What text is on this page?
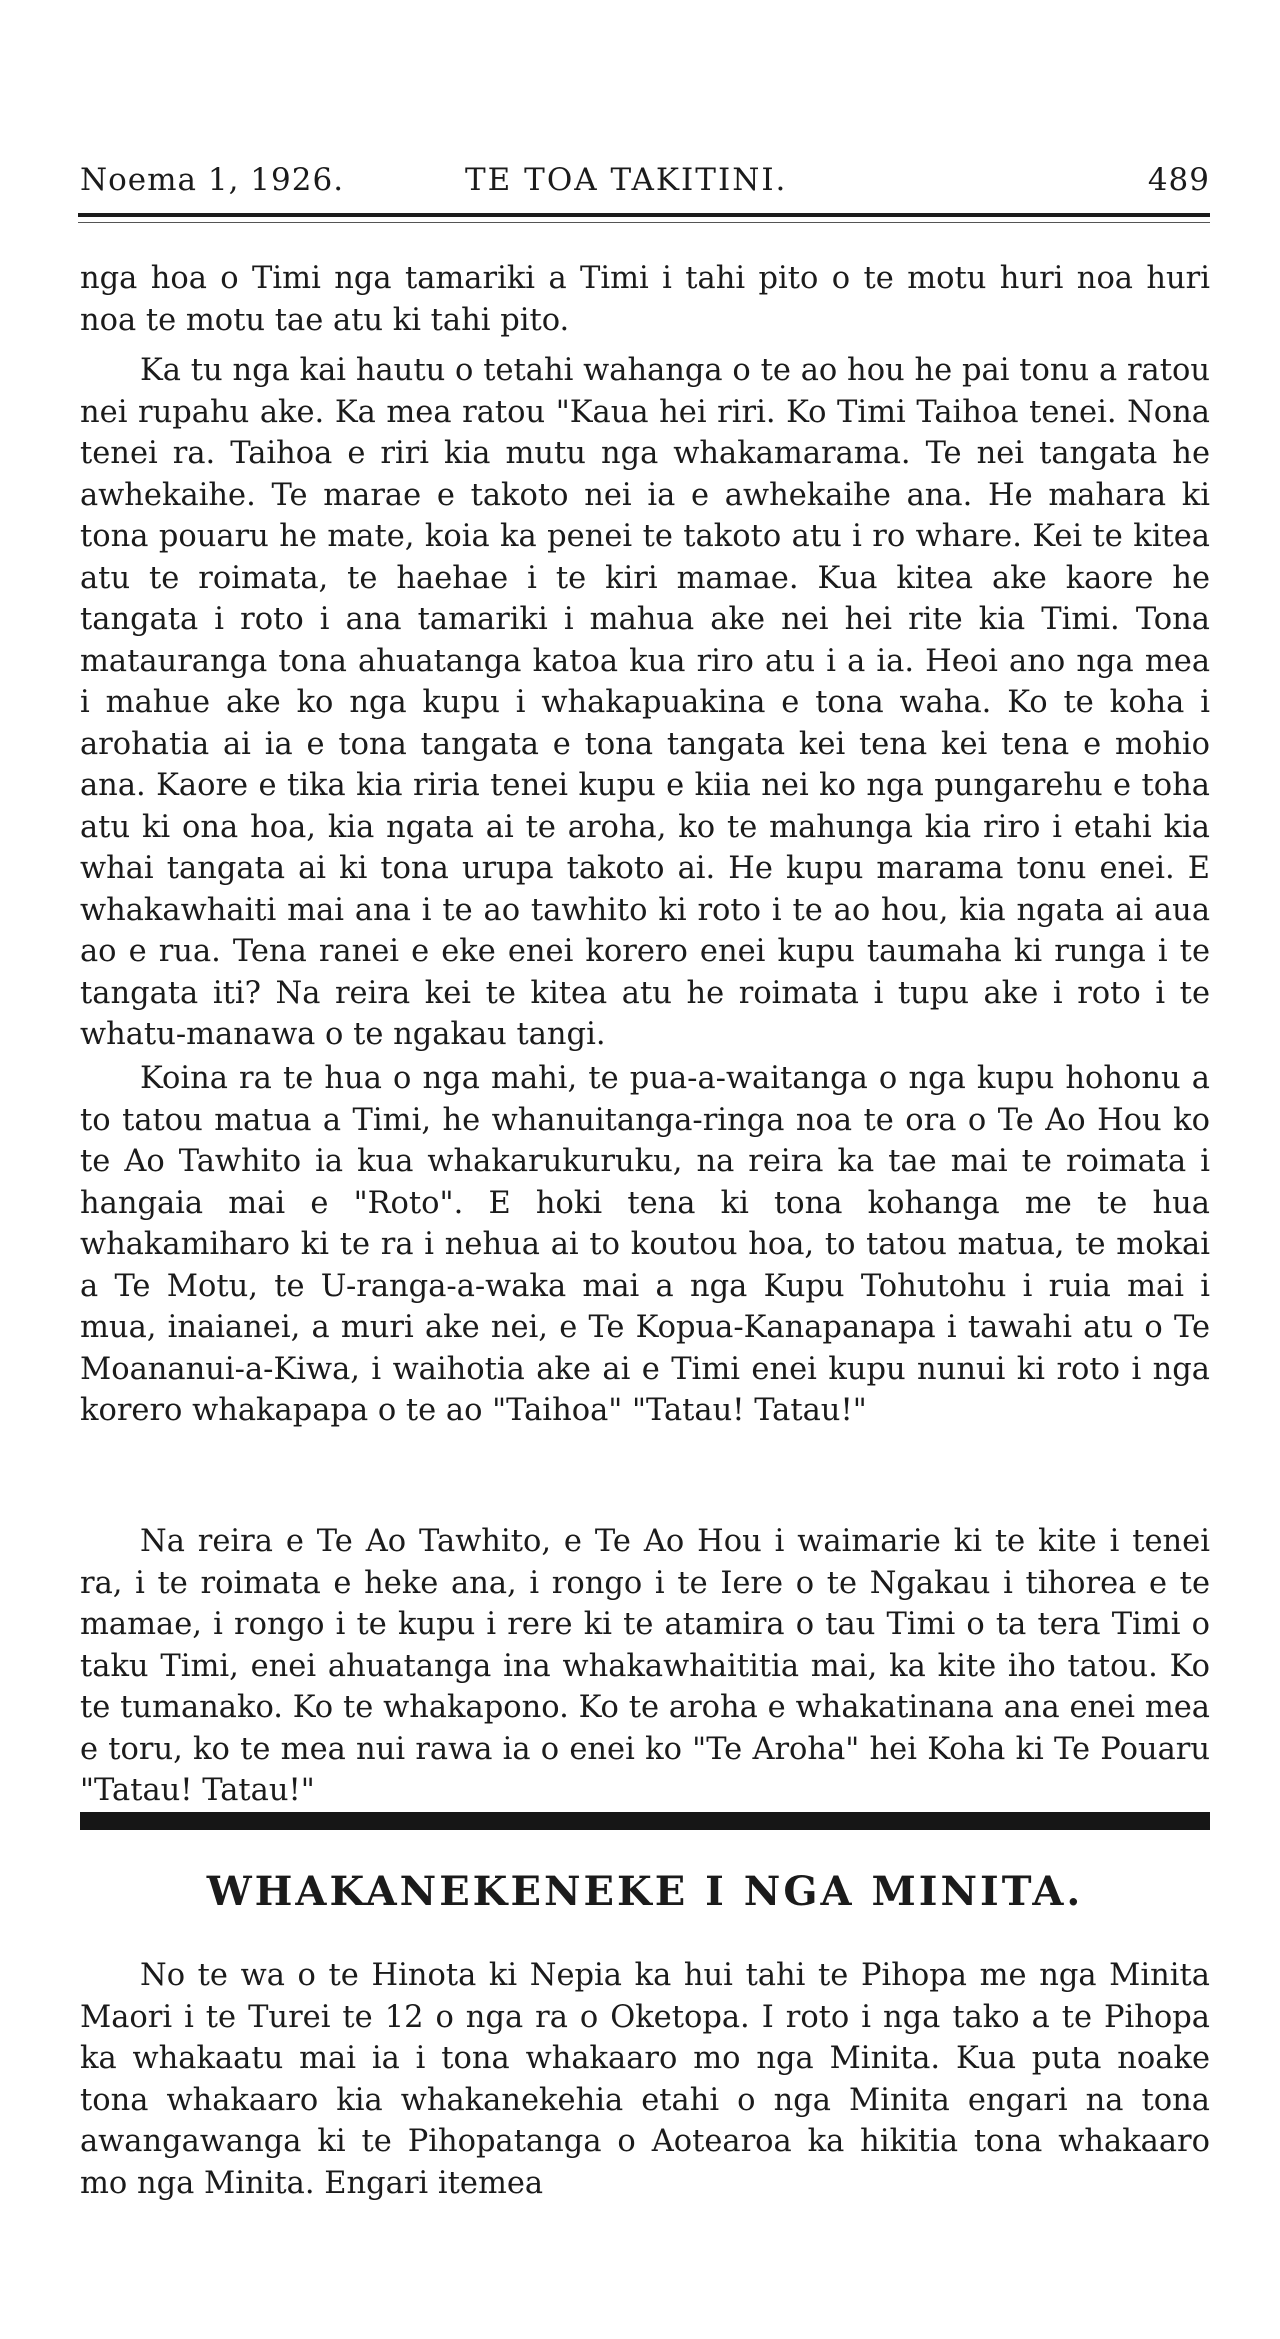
Noema 1, 1926.	TE TOA TAKITINI.	489

nga hoa o Timi nga tamariki a Timi i tahi pito o te motu huri noa huri noa te motu tae atu ki tahi pito.

Ka tu nga kai hautu o tetahi wahanga o te ao hou he pai tonu a ratou nei rupahu ake. Ka mea ratou "Kaua hei riri. Ko Timi Taihoa tenei. Nona tenei ra. Taihoa e riri kia mutu nga whakamarama. Te nei tangata he awhekaihe. Te marae e takoto nei ia e awhekaihe ana. He mahara ki tona pouaru he mate, koia ka penei te takoto atu i ro whare. Kei te kitea atu te roimata, te haehae i te kiri mamae. Kua kitea ake kaore he tangata i roto i ana tamariki i mahua ake nei hei rite kia Timi. Tona matauranga tona ahuatanga katoa kua riro atu i a ia. Heoi ano nga mea i mahue ake ko nga kupu i whakapuakina e tona waha. Ko te koha i arohatia ai ia e tona tangata e tona tangata kei tena kei tena e mohio ana. Kaore e tika kia riria tenei kupu e kiia nei ko nga pungarehu e toha atu ki ona hoa, kia ngata ai te aroha, ko te mahunga kia riro i etahi kia whai tangata ai ki tona urupa takoto ai. He kupu marama tonu enei. E whakawhaiti mai ana i te ao tawhito ki roto i te ao hou, kia ngata ai aua ao e rua. Tena ranei e eke enei korero enei kupu taumaha ki runga i te tangata iti? Na reira kei te kitea atu he roimata i tupu ake i roto i te whatu-manawa o te ngakau tangi.

Koina ra te hua o nga mahi, te pua-a-waitanga o nga kupu hohonu a to tatou matua a Timi, he whanuitanga-ringa noa te ora o Te Ao Hou ko te Ao Tawhito ia kua whakarukuruku, na reira ka tae mai te roimata i hangaia mai e "Roto". E hoki tena ki tona kohanga me te hua whakamiharo ki te ra i nehua ai to koutou hoa, to tatou matua, te mokai a Te Motu, te U-ranga-a-waka mai a nga Kupu Tohutohu i ruia mai i mua, inaianei, a muri ake nei, e Te Kopua-Kanapanapa i tawahi atu o Te Moananui-a-Kiwa, i waihotia ake ai e Timi enei kupu nunui ki roto i nga korero whakapapa o te ao "Taihoa" "Tatau! Tatau!"

Na reira e Te Ao Tawhito, e Te Ao Hou i waimarie ki te kite i tenei ra, i te roimata e heke ana, i rongo i te Iere o te Ngakau i tihorea e te mamae, i rongo i te kupu i rere ki te atamira o tau Timi o ta tera Timi o taku Timi, enei ahuatanga ina whakawhaititia mai, ka kite iho tatou. Ko te tumanako. Ko te whakapono. Ko te aroha e whakatinana ana enei mea e toru, ko te mea nui rawa ia o enei ko "Te Aroha" hei Koha ki Te Pouaru "Tatau! Tatau!"

WHAKANEKENEKE I NGA MINITA.

No te wa o te Hinota ki Nepia ka hui tahi te Pihopa me nga Minita Maori i te Turei te 12 o nga ra o Oketopa. I roto i nga tako a te Pihopa ka whakaatu mai ia i tona whakaaro mo nga Minita. Kua puta noake tona whakaaro kia whakanekehia etahi o nga Minita engari na tona awangawanga ki te Pihopatanga o Aotearoa ka hikitia tona whakaaro mo nga Minita. Engari itemea
